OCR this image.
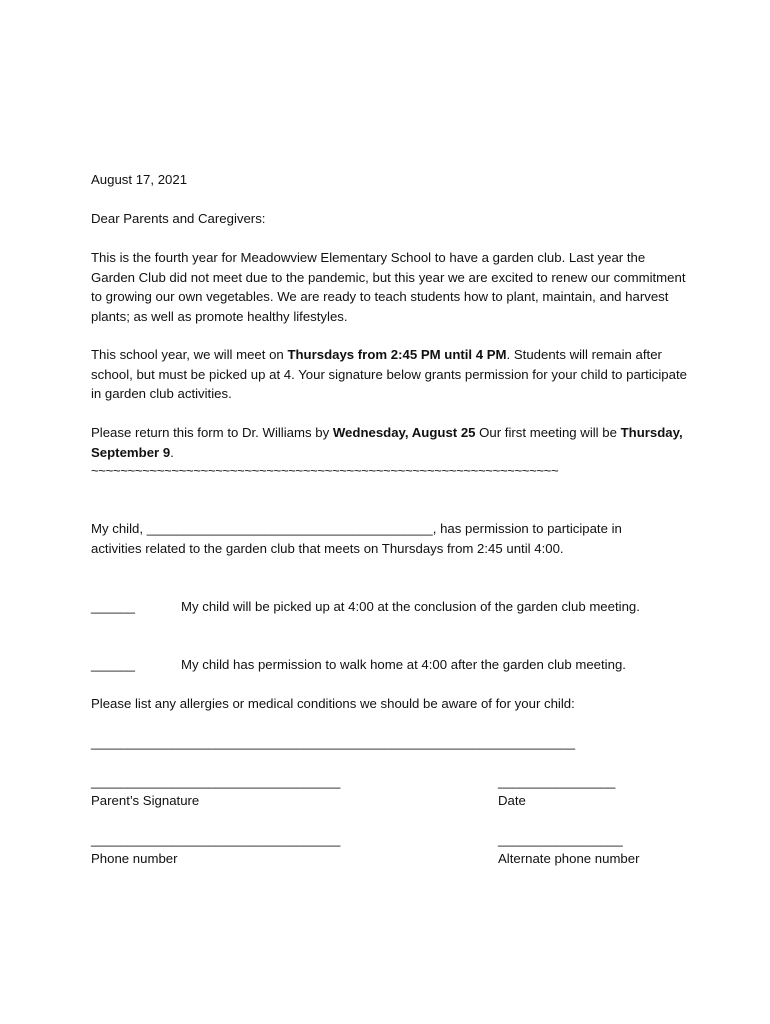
August 17, 2021
Dear Parents and Caregivers:
This is the fourth year for Meadowview Elementary School to have a garden club. Last year the Garden Club did not meet due to the pandemic, but this year we are excited to renew our commitment to growing our own vegetables. We are ready to teach students how to plant, maintain, and harvest plants; as well as promote healthy lifestyles.
This school year, we will meet on Thursdays from 2:45 PM until 4 PM. Students will remain after school, but must be picked up at 4. Your signature below grants permission for your child to participate in garden club activities.
Please return this form to Dr. Williams by Wednesday, August 25 Our first meeting will be Thursday, September 9.
~~~~~~~~~~~~~~~~~~~~~~~~~~~~~~~~~~~~~~~~~~~~~~~~~~~~~~~~~~~~~~~~
My child, _______________________________________, has permission to participate in
activities related to the garden club that meets on Thursdays from 2:45 until 4:00.
______	My child will be picked up at 4:00 at the conclusion of the garden club meeting.
______	My child has permission to walk home at 4:00 after the garden club meeting.
Please list any allergies or medical conditions we should be aware of for your child:
__________________________________________________________________
__________________________________	________________
Parent’s Signature	Date
__________________________________	_________________
Phone number	Alternate phone number
